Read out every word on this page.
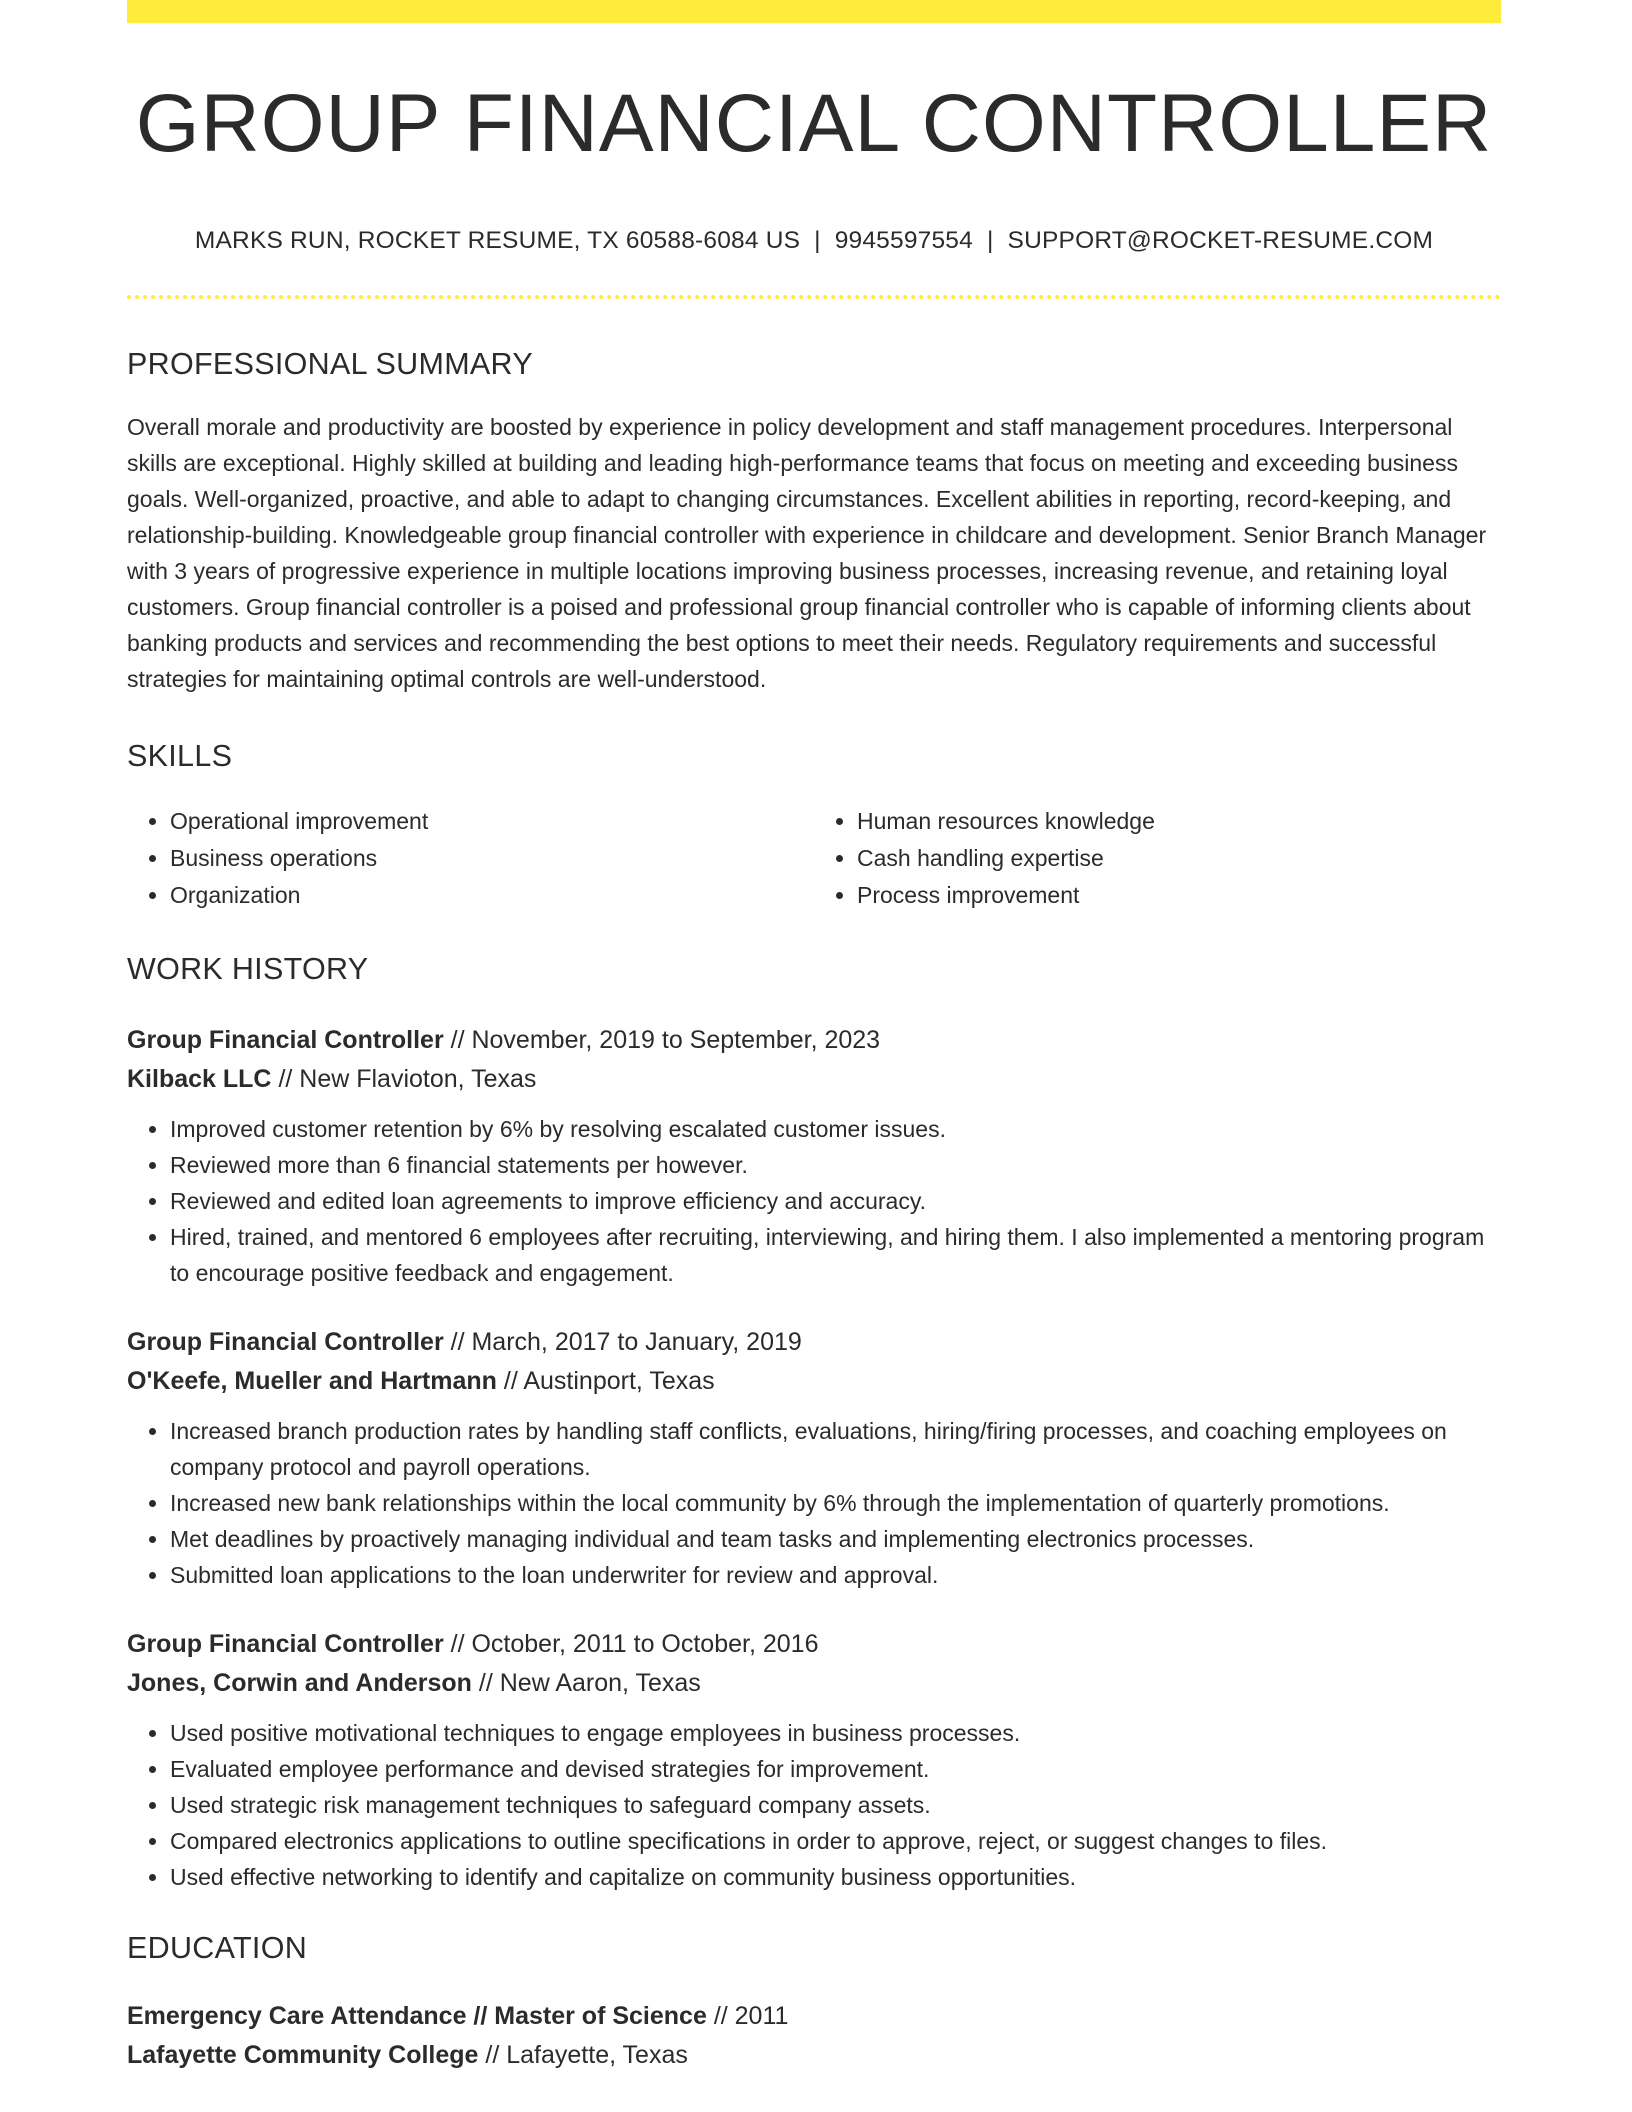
GROUP FINANCIAL CONTROLLER
MARKS RUN, ROCKET RESUME, TX 60588-6084 US | 9945597554 | SUPPORT@ROCKET-RESUME.COM
PROFESSIONAL SUMMARY

Overall morale and productivity are boosted by experience in policy development and staff management procedures. Interpersonal skills are exceptional. Highly skilled at building and leading high-performance teams that focus on meeting and exceeding business goals. Well-organized, proactive, and able to adapt to changing circumstances. Excellent abilities in reporting, record-keeping, and relationship-building. Knowledgeable group financial controller with experience in childcare and development. Senior Branch Manager with 3 years of progressive experience in multiple locations improving business processes, increasing revenue, and retaining loyal customers. Group financial controller is a poised and professional group financial controller who is capable of informing clients about banking products and services and recommending the best options to meet their needs. Regulatory requirements and successful strategies for maintaining optimal controls are well-understood.

SKILLS
• Operational improvement
• Business operations
• Organization
• Human resources knowledge
• Cash handling expertise
• Process improvement
WORK HISTORY
Group Financial Controller // November, 2019 to September, 2023
Kilback LLC // New Flavioton, Texas
• Improved customer retention by 6% by resolving escalated customer issues.
• Reviewed more than 6 financial statements per however.
• Reviewed and edited loan agreements to improve efficiency and accuracy.
• Hired, trained, and mentored 6 employees after recruiting, interviewing, and hiring them. I also implemented a mentoring program to encourage positive feedback and engagement.
Group Financial Controller // March, 2017 to January, 2019
O'Keefe, Mueller and Hartmann // Austinport, Texas
• Increased branch production rates by handling staff conflicts, evaluations, hiring/firing processes, and coaching employees on company protocol and payroll operations.
• Increased new bank relationships within the local community by 6% through the implementation of quarterly promotions.
• Met deadlines by proactively managing individual and team tasks and implementing electronics processes.
• Submitted loan applications to the loan underwriter for review and approval.
Group Financial Controller // October, 2011 to October, 2016
Jones, Corwin and Anderson // New Aaron, Texas
• Used positive motivational techniques to engage employees in business processes.
• Evaluated employee performance and devised strategies for improvement.
• Used strategic risk management techniques to safeguard company assets.
• Compared electronics applications to outline specifications in order to approve, reject, or suggest changes to files.
• Used effective networking to identify and capitalize on community business opportunities.
EDUCATION
Emergency Care Attendance // Master of Science // 2011
Lafayette Community College // Lafayette, Texas
